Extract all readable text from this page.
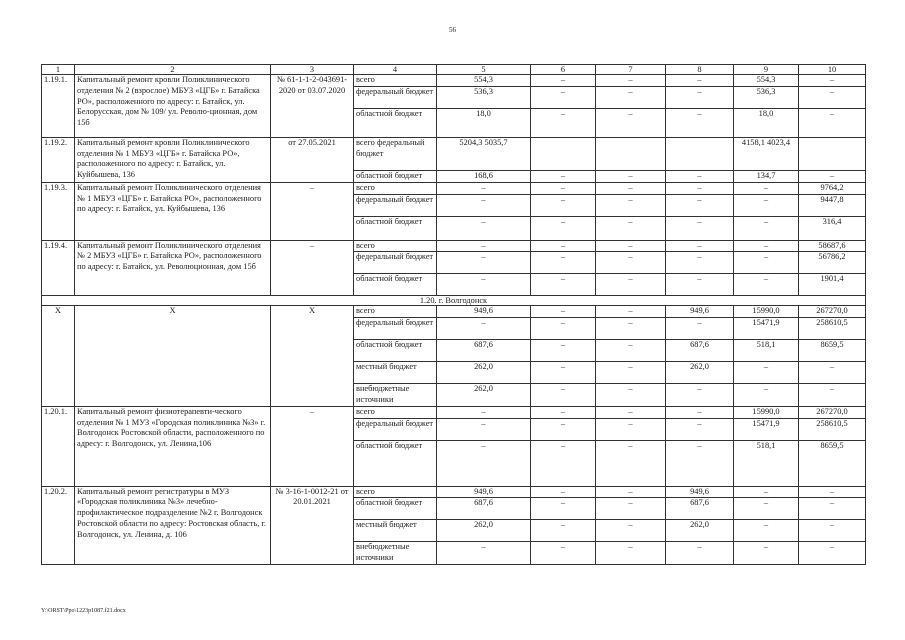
56
1	2	3	4	5	6	7	8	9	10
1.19.1.	Капитальный ремонт кровли Поликлинического отделения № 2 (взрослое) МБУЗ «ЦГБ» г. Батайска РО», расположенного по адресу: г. Батайск, ул. Белорусская, дом № 109/ ул. Револю-ционная, дом 15б	№ 61-1-1-2-043691-2020 от 03.07.2020	всего	554,3	–	–	–	554,3	–
			федеральный бюджет	536,3	–	–	–	536,3	–
			областной бюджет	18,0	–	–	–	18,0	–
1.19.2.	Капитальный ремонт кровли Поликлинического отделения № 1 МБУЗ «ЦГБ» г. Батайска РО», расположенного по адресу: г. Батайск, ул. Куйбышева, 136	от 27.05.2021	всего федеральный бюджет	5204,3 5035,7				4158,1 4023,4	
			областной бюджет	168,6	–	–	–	134,7	–
1.19.3.	Капитальный ремонт Поликлинического отделения № 1 МБУЗ «ЦГБ» г. Батайска РО», расположенного по адресу: г. Батайск, ул. Куйбышева, 136	–	всего	–	–	–	–	–	9764,2
			федеральный бюджет	–	–	–	–	–	9447,8
			областной бюджет	–	–	–	–	–	316,4
1.19.4.	Капитальный ремонт Поликлинического отделения № 2 МБУЗ «ЦГБ» г. Батайска РО», расположенного по адресу: г. Батайск, ул. Революционная, дом 15б	–	всего	–	–	–	–	–	58687,6
			федеральный бюджет	–	–	–	–	–	56786,2
			областной бюджет	–	–	–	–	–	1901,4
1.20. г. Волгодонск									
Х	Х	Х	всего	949,6	–	–	949,6	15990,0	267270,0
			федеральный бюджет	–	–	–	–	15471,9	258610,5
			областной бюджет	687,6	–	–	687,6	518,1	8659,5
			местный бюджет	262,0	–	–	262,0	–	–
			внебюджетные источники	262,0	–	–	–	–	–
1.20.1.	Капитальный ремонт физиотерапевти-ческого отделения № 1 МУЗ «Городская поликлиника №3» г. Волгодонск Ростовской области, расположенного по адресу: г. Волгодонск, ул. Ленина,106	–	всего	–	–	–	–	15990,0	267270,0
			федеральный бюджет	–	–	–	–	15471,9	258610,5
			областной бюджет	–	–	–	–	518,1	8659,5
1.20.2.	Капитальный ремонт регистратуры в МУЗ «Городская поликлиника №3» лечебно-профилактическое подразделение №2 г. Волгодонск Ростовской области по адресу: Ростовская область, г. Волгодонск, ул. Ленина, д. 106	№ 3-16-1-0012-21 от 20.01.2021	всего	949,6	–	–	949,6	–	–
			областной бюджет	687,6	–	–	687,6	–	–
			местный бюджет	262,0	–	–	262,0	–	–
			внебюджетные источники	–	–	–	–	–	–
Y:\ORST\Ppo\1223p1087.f21.docx
